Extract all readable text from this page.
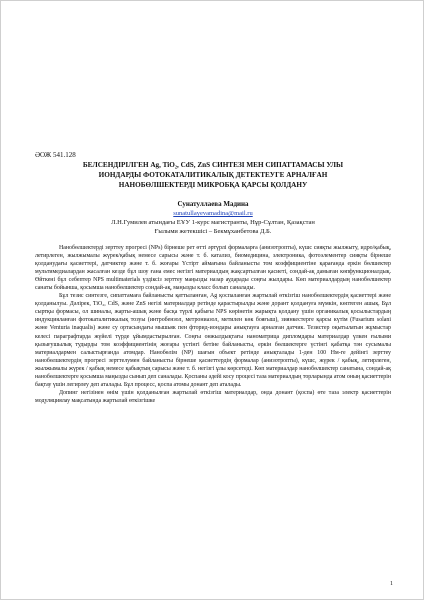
ӘОЖ 541.128
БЕЛСЕНДІРІЛГЕН Ag, TiO₂, CdS, ZnS СИНТЕЗІ МЕН СИПАТТАМАСЫ УЛЫ
ИОНДАРДЫ ФОТОКАТАЛИТИКАЛЫҚ ДЕТЕКТЕУГЕ АРНАЛҒАН
НАНОБӨЛШЕКТЕРДІ МИКРОБҚА ҚАРСЫ ҚОЛДАНУ
Сунатуллаева Мадина
sunatullayevamadina@mail.ru
Л.Н.Гумилев атындағы ЕҰУ 1-курс магистранты, Нұр-Сұлтан, Қазақстан
Ғылыми жетекшісі – Бекмұханбетова Д.Б.

Нанобөлшектерді зерттеу прогресі (NPs) бірнеше рет өтті әртүрлі формаларға (анизотропты), күшс сияқты жылжыту, идро/қабық, летирлеген, жылжымалы жүрек/қабық немесе сарысы және т. б. катализ, биомедицина, электроника, фотоэлементер сияқты бірнеше қолданудағы қасиеттері, датчиктер және т. б. жоғары Үстірт аймағына байланысты том коэффициентіне қарағанда еркін бөлшектер мультимедиалардан жасалған кезде бұл шоу ғана емес негізгі материалдың жақсартылған қасиеті, сондай-ақ дамыған көпфункционалдық. Өйткені бұл себептер NPS multimaterials үздіксіз зерттеу маңызды назар аударады соңғы жылдары. Көп материалдардың нанобөлшектер санаты бойынша, қосымша нанобөлшектер сондай-ақ, маңызды класс болып саналады.

Бұл тезис синтезге, сипаттамаға байланысты қаттыланған, Ag қоспаланған жартылай өткізгіш нанобөлшектердің қасиеттері және қолданылуы. Дәлірек, TiO₂, CdS, және ZnS негізі материалдар ретінде қарастырылды және дорант қолдануға мүмкін, көптеген ашық. Бұл сыртқы формасы, ол шиналы, жарты-ашық және басқа түрлі қабығы NPS көрінетін жарықта қолдану үшін органикалық қосылыстардың индукцияланған фотокаталитикалық тозуы (интробензол, метрониазол, метилен көк бояғыш), зиянкестерге қарсы күтім (Fusarium solani және Venturia inaqualis) және су ортасындағы мышьяк пен фторид-иондары анықтауға арналған датчик. Тезистер оқытылатын жұмыстар келесі параграфтарда жүйелі түрде ұйымдастырылған. Соңғы онжылдықтағы наноматрица дипломдары материалдар үлкен ғылыми қызығушылық тудырды том коэффициентінің жоғары үстінгі бетіне байланысты, еркін бөлшектерге үстінгі қабатқа тән сусымалы материалдармен салыстырғанда атомдар. Нанобөлім (NP) шағын объект ретінде анықталады 1-ден 100 Нм-ге дейінгі зерттеу нанобөлшектердің прогресі зерттелумен байланысты бірнеше қасиеттердің формалар (анизотропты), күшс, жүрек / қабық, летирлеген, жылжымалы жүрек / қабық немесе қабықтың сарысы және т. б. негізгі ұлы көрсетеді. Көп материалдар нанобөлшектер санатына, сондай-ақ нанобөлшектерге қосымша маңызды сынып деп саналады. Қоспаны әдейі косу процесі таза материалдың торларында атом оның қасиеттерін бақтау үшін легирлеу деп аталады. Бұл процесс, қоспа атомы донант деп аталады.

Допинг негізінен өнім үшін қолданылған жартылай өткізгіш материалдар, онда донант (қоспа) өте таза электр қасиеттерін модуляциялау мақсатында жартылай өткізгішке

1
